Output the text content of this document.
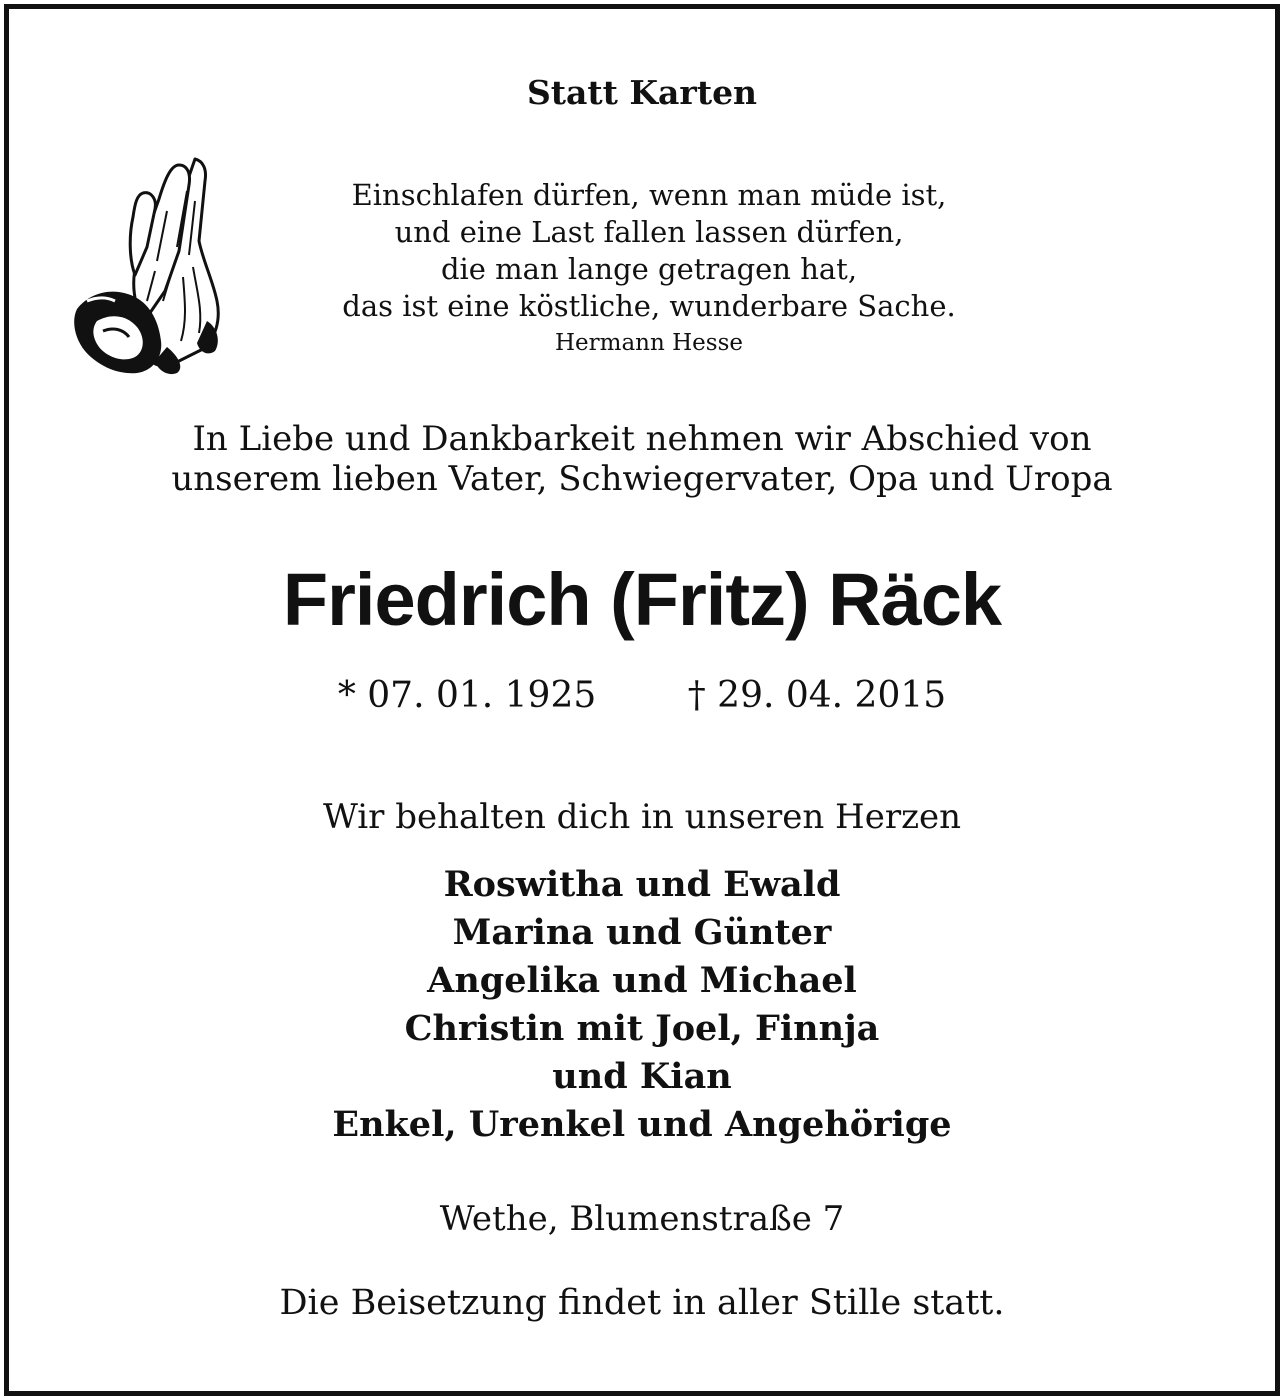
Statt Karten
Einschlafen dürfen, wenn man müde ist,
und eine Last fallen lassen dürfen,
die man lange getragen hat,
das ist eine köstliche, wunderbare Sache.
Hermann Hesse
In Liebe und Dankbarkeit nehmen wir Abschied von
unserem lieben Vater, Schwiegervater, Opa und Uropa
Friedrich (Fritz) Räck
* 07. 01. 1925	† 29. 04. 2015
Wir behalten dich in unseren Herzen
Roswitha und Ewald
Marina und Günter
Angelika und Michael
Christin mit Joel, Finnja
und Kian
Enkel, Urenkel und Angehörige
Wethe, Blumenstraße 7
Die Beisetzung findet in aller Stille statt.
